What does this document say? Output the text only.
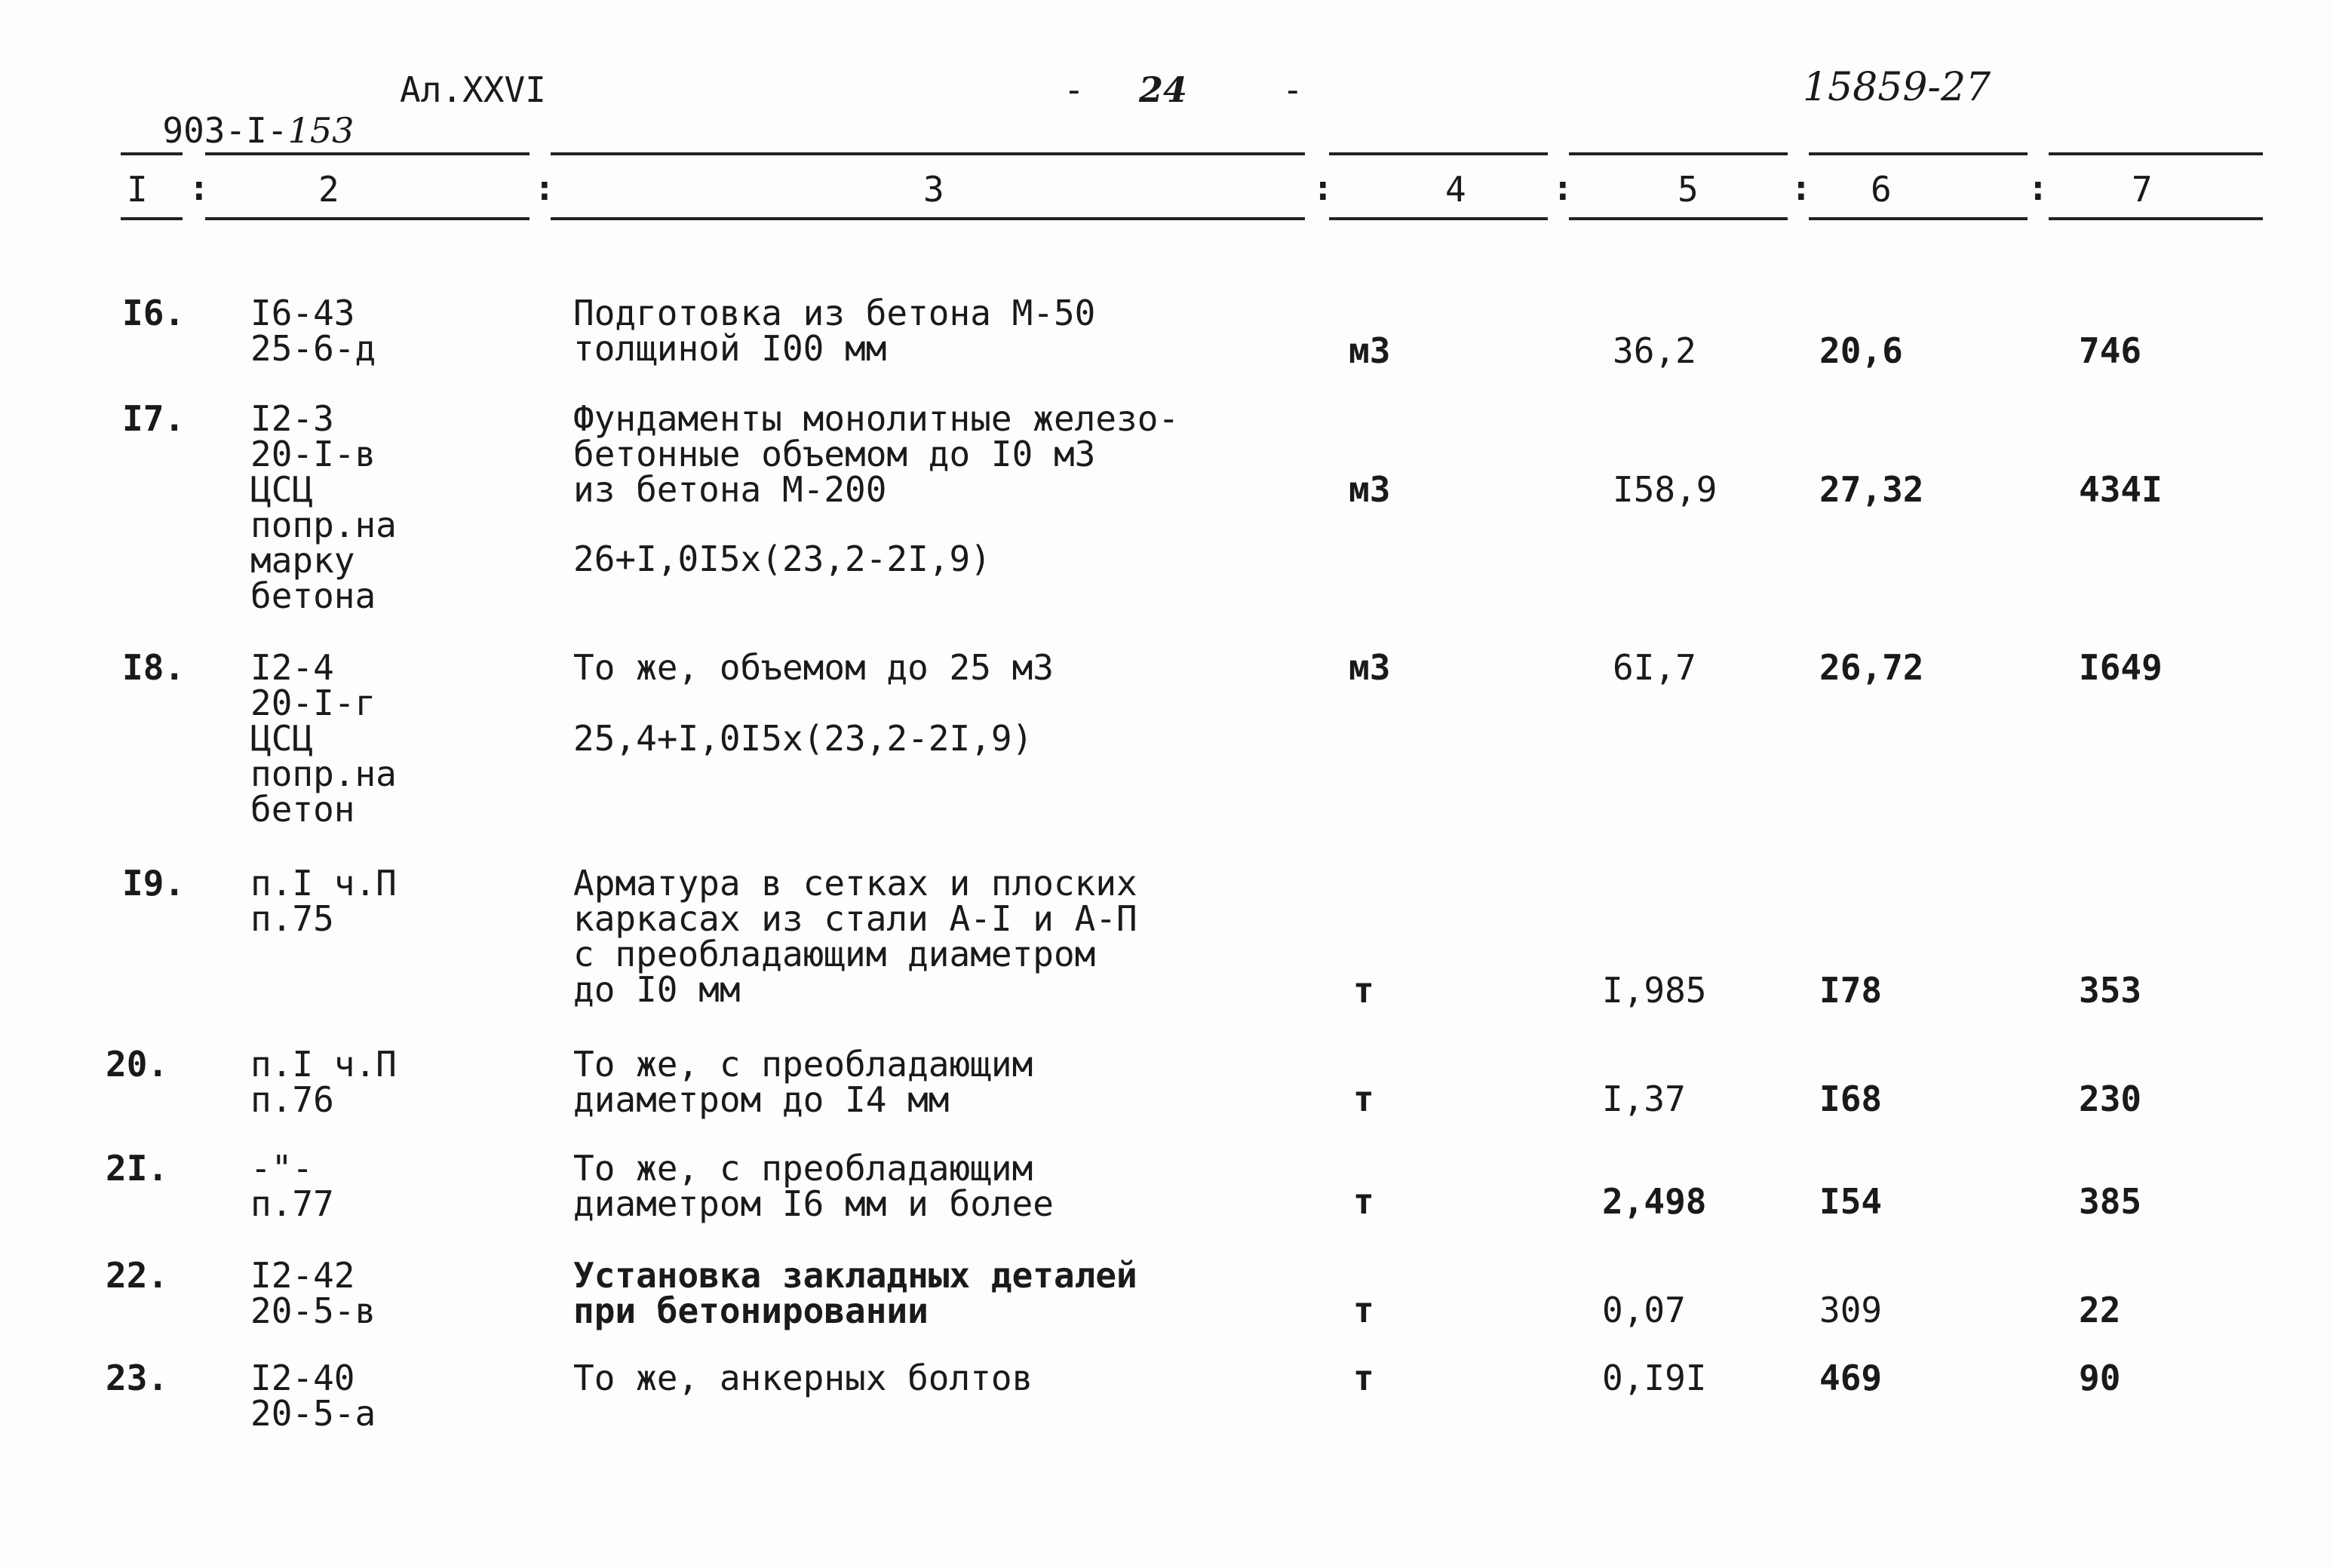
903-I-153

Ал.XXVI	- 24	-	15859-27
I :	2	:	3	:	4 :	5	: 6	: 7
I6. I6-43
25-6-д
Подготовка из бетона М-50
толщиной I00 мм	м3	36,2	20,6	746
I7. I2-3
20-I-в
ЦСЦ
попр.на
марку
бетона
Фундаменты монолитные железо-
бетонные объемом до I0 м3
из бетона М-200
26+I,0I5х(23,2-2I,9)
м3	I58,9	27,32	434I
I8. I2-4
20-I-г
ЦСЦ
попр.на
бетон
То же, объемом до 25 м3
25,4+I,0I5х(23,2-2I,9)
м3	6I,7	26,72	I649
I9. п.I ч.П
п.75
Арматура в сетках и плоских
каркасах из стали А-I и А-П
с преобладающим диаметром
до I0 мм	т	I,985	I78	353
20. п.I ч.П
п.76
То же, с преобладающим
диаметром до I4 мм	т	I,37	I68	230
2I. -"-
п.77
То же, с преобладающим
диаметром I6 мм и более	т	2,498	I54	385
22. I2-42
20-5-в
Установка закладных деталей
при бетонировании	т	0,07	309	22
23. I2-40
20-5-а
То же, анкерных болтов	т	0,I9I	469	90
